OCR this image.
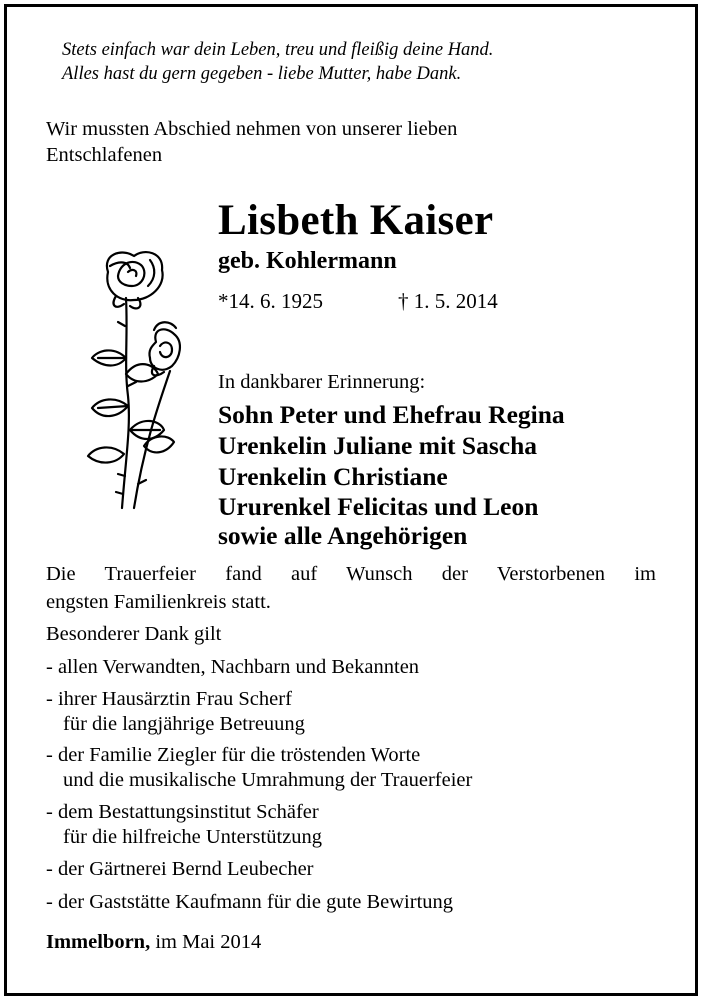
Stets einfach war dein Leben, treu und fleißig deine Hand.
Alles hast du gern gegeben - liebe Mutter, habe Dank.
Wir mussten Abschied nehmen von unserer lieben
Entschlafenen
Lisbeth Kaiser
geb. Kohlermann
*14. 6. 1925	† 1. 5. 2014
In dankbarer Erinnerung:
Sohn Peter und Ehefrau Regina
Urenkelin Juliane mit Sascha
Urenkelin Christiane
Ururenkel Felicitas und Leon
sowie alle Angehörigen
Die Trauerfeier fand auf Wunsch der Verstorbenen im
engsten Familienkreis statt.
Besonderer Dank gilt
- allen Verwandten, Nachbarn und Bekannten
- ihrer Hausärztin Frau Scherf
für die langjährige Betreuung
- der Familie Ziegler für die tröstenden Worte
und die musikalische Umrahmung der Trauerfeier
- dem Bestattungsinstitut Schäfer
für die hilfreiche Unterstützung
- der Gärtnerei Bernd Leubecher
- der Gaststätte Kaufmann für die gute Bewirtung
Immelborn, im Mai 2014
